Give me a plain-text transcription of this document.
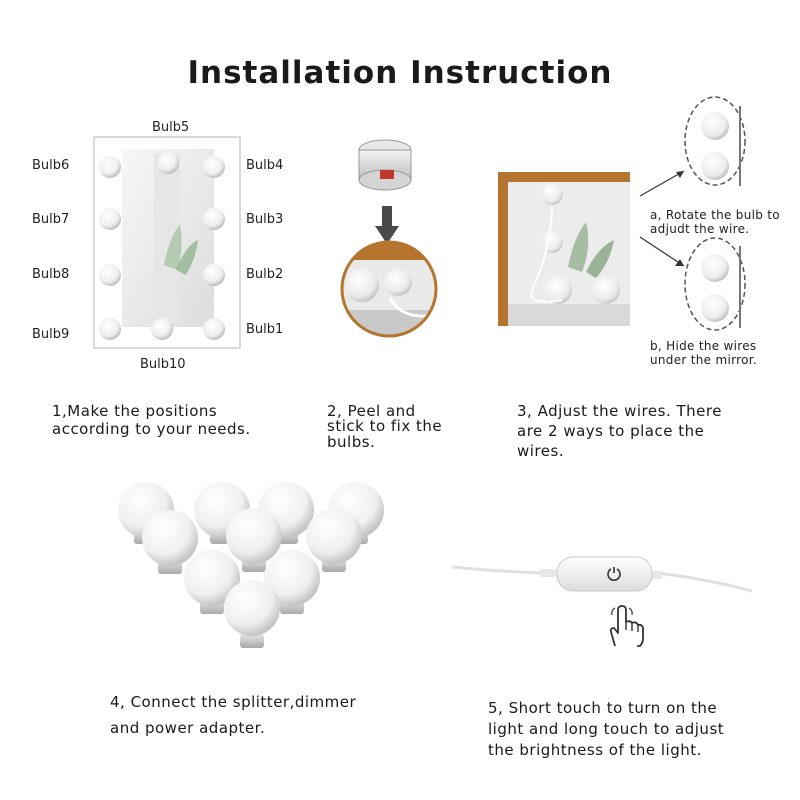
Installation Instruction
Bulb5
Bulb6	Bulb4
Bulb7	Bulb3
Bulb8	Bulb2
Bulb9	Bulb1
Bulb10
1,Make the positions
according to your needs.
2, Peel and
stick to fix the
bulbs.
a, Rotate the bulb to
adjudt the wire.
b, Hide the wires
under the mirror.
3, Adjust the wires. There
are 2 ways to place the
wires.
4, Connect the splitter,dimmer
and power adapter.
5, Short touch to turn on the
light and long touch to adjust
the brightness of the light.
